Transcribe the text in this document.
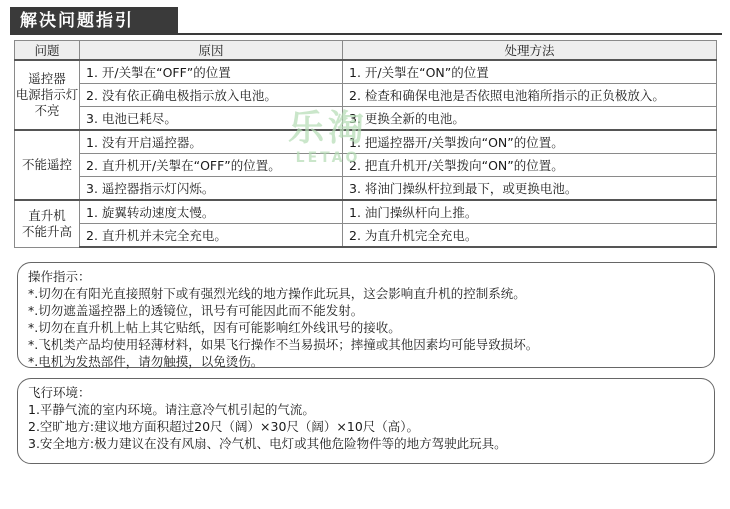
解决问题指引
问题	原因	处理方法
遥控器
电源指示灯
不亮	1. 开/关掣在“OFF”的位置	1. 开/关掣在“ON”的位置
	2. 没有依正确电极指示放入电池。	2. 检查和确保电池是否依照电池箱所指示的正负极放入。
	3. 电池已耗尽。	3. 更换全新的电池。
不能遥控	1. 没有开启遥控器。	1. 把遥控器开/关掣拨向“ON”的位置。
	2. 直升机开/关掣在“OFF”的位置。	2. 把直升机开/关掣拨向“ON”的位置。
	3. 遥控器指示灯闪烁。	3. 将油门操纵杆拉到最下，或更换电池。
直升机
不能升高	1. 旋翼转动速度太慢。	1. 油门操纵杆向上推。
	2. 直升机并未完全充电。	2. 为直升机完全充电。
乐淘
LETAO
操作指示：
*.切勿在有阳光直接照射下或有强烈光线的地方操作此玩具，这会影响直升机的控制系统。
*.切勿遮盖遥控器上的透镜位，讯号有可能因此而不能发射。
*.切勿在直升机上帖上其它贴纸，因有可能影响红外线讯号的接收。
*.飞机类产品均使用轻薄材料，如果飞行操作不当易损坏；摔撞或其他因素均可能导致损坏。
*.电机为发热部件，请勿触摸，以免烫伤。
飞行环境：
1.平静气流的室内环境。请注意冷气机引起的气流。
2.空旷地方:建议地方面积超过20尺（阔）×30尺（阔）×10尺（高）。
3.安全地方:极力建议在没有风扇、冷气机、电灯或其他危险物件等的地方驾驶此玩具。
